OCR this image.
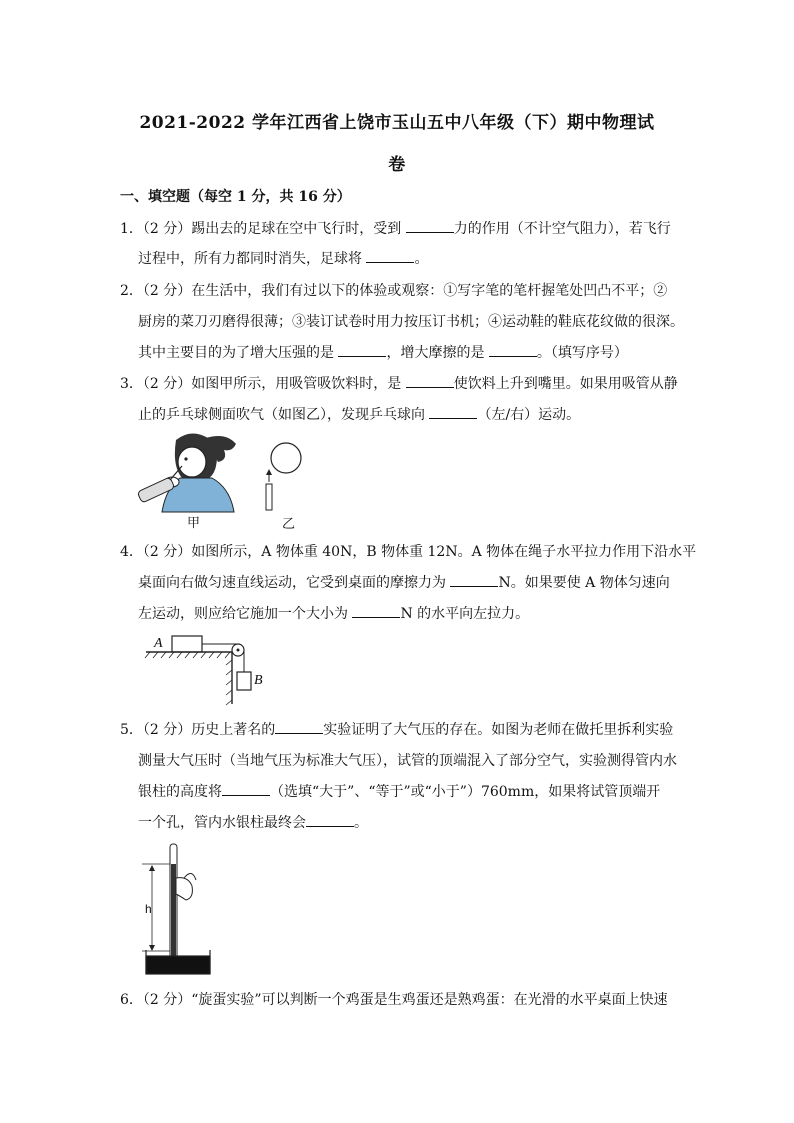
2021-2022 学年江西省上饶市玉山五中八年级（下）期中物理试
卷
一、填空题（每空 1 分，共 16 分）
1．（2 分）踢出去的足球在空中飞行时，受到	力的作用（不计空气阻力），若飞行
过程中，所有力都同时消失，足球将	。
2．（2 分）在生活中，我们有过以下的体验或观察：①写字笔的笔杆握笔处凹凸不平；②
厨房的菜刀刃磨得很薄；③装订试卷时用力按压订书机；④运动鞋的鞋底花纹做的很深。
其中主要目的为了增大压强的是	，增大摩擦的是	。（填写序号）
3．（2 分）如图甲所示，用吸管吸饮料时，是	使饮料上升到嘴里。如果用吸管从静
止的乒乓球侧面吹气（如图乙），发现乒乓球向	（左/右）运动。
甲	乙
4．（2 分）如图所示，A 物体重 40N，B 物体重 12N。A 物体在绳子水平拉力作用下沿水平
桌面向右做匀速直线运动，它受到桌面的摩擦力为	N。如果要使 A 物体匀速向
左运动，则应给它施加一个大小为	N 的水平向左拉力。
A
B
5．（2 分）历史上著名的	实验证明了大气压的存在。如图为老师在做托里拆利实验
测量大气压时（当地气压为标准大气压），试管的顶端混入了部分空气，实验测得管内水
银柱的高度将	（选填“大于”、“等于”或“小于”）760mm，如果将试管顶端开
一个孔，管内水银柱最终会	。
h
6．（2 分）“旋蛋实验”可以判断一个鸡蛋是生鸡蛋还是熟鸡蛋：在光滑的水平桌面上快速
